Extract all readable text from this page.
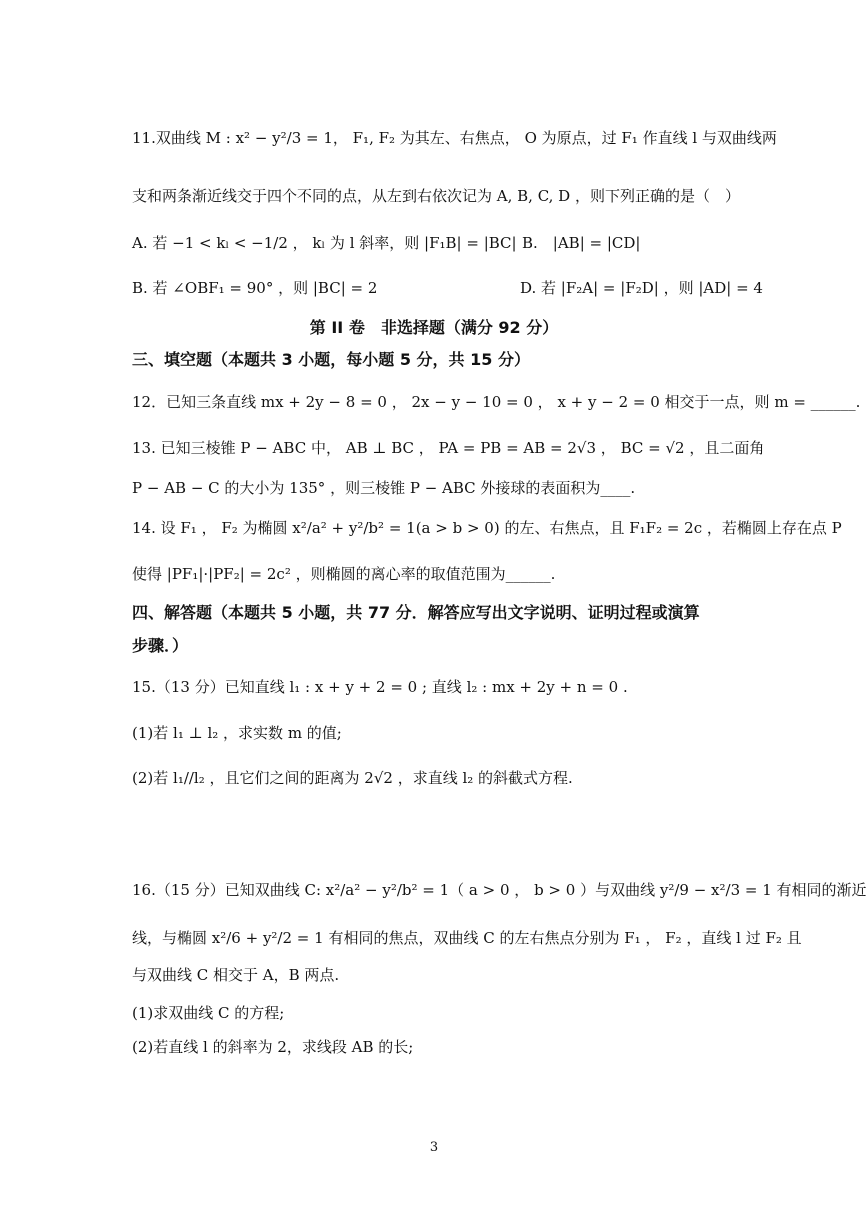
11.双曲线 M : x² − y²/3 = 1， F₁, F₂ 为其左、右焦点， O 为原点，过 F₁ 作直线 l 与双曲线两
支和两条渐近线交于四个不同的点，从左到右依次记为 A, B, C, D ，则下列正确的是（　）
A. 若 −1 < kₗ < −1/2 ， kₗ 为 l 斜率，则 |F₁B| = |BC| B.　|AB| = |CD|
B. 若 ∠OBF₁ = 90° ，则 |BC| = 2	D. 若 |F₂A| = |F₂D| ，则 |AD| = 4
第 II 卷　非选择题（满分 92 分）
三、填空题（本题共 3 小题，每小题 5 分，共 15 分）
12．已知三条直线 mx + 2y − 8 = 0 ， 2x − y − 10 = 0 ， x + y − 2 = 0 相交于一点，则 m = ______.
13. 已知三棱锥 P − ABC 中， AB ⊥ BC ， PA = PB = AB = 2√3 ， BC = √2 ，且二面角
P − AB − C 的大小为 135° ，则三棱锥 P − ABC 外接球的表面积为____.
14. 设 F₁ ， F₂ 为椭圆 x²/a² + y²/b² = 1(a > b > 0) 的左、右焦点，且 F₁F₂ = 2c ，若椭圆上存在点 P
使得 |PF₁|·|PF₂| = 2c² ，则椭圆的离心率的取值范围为______.
四、解答题（本题共 5 小题，共 77 分．解答应写出文字说明、证明过程或演算
步骤．）
15.（13 分）已知直线 l₁ : x + y + 2 = 0 ; 直线 l₂ : mx + 2y + n = 0 .
(1)若 l₁ ⊥ l₂ ，求实数 m 的值;
(2)若 l₁//l₂ ，且它们之间的距离为 2√2 ，求直线 l₂ 的斜截式方程.
16.（15 分）已知双曲线 C: x²/a² − y²/b² = 1（ a > 0 ， b > 0 ）与双曲线 y²/9 − x²/3 = 1 有相同的渐近
线，与椭圆 x²/6 + y²/2 = 1 有相同的焦点，双曲线 C 的左右焦点分别为 F₁ ， F₂ ，直线 l 过 F₂ 且
与双曲线 C 相交于 A，B 两点.
(1)求双曲线 C 的方程;
(2)若直线 l 的斜率为 2，求线段 AB 的长;
3
